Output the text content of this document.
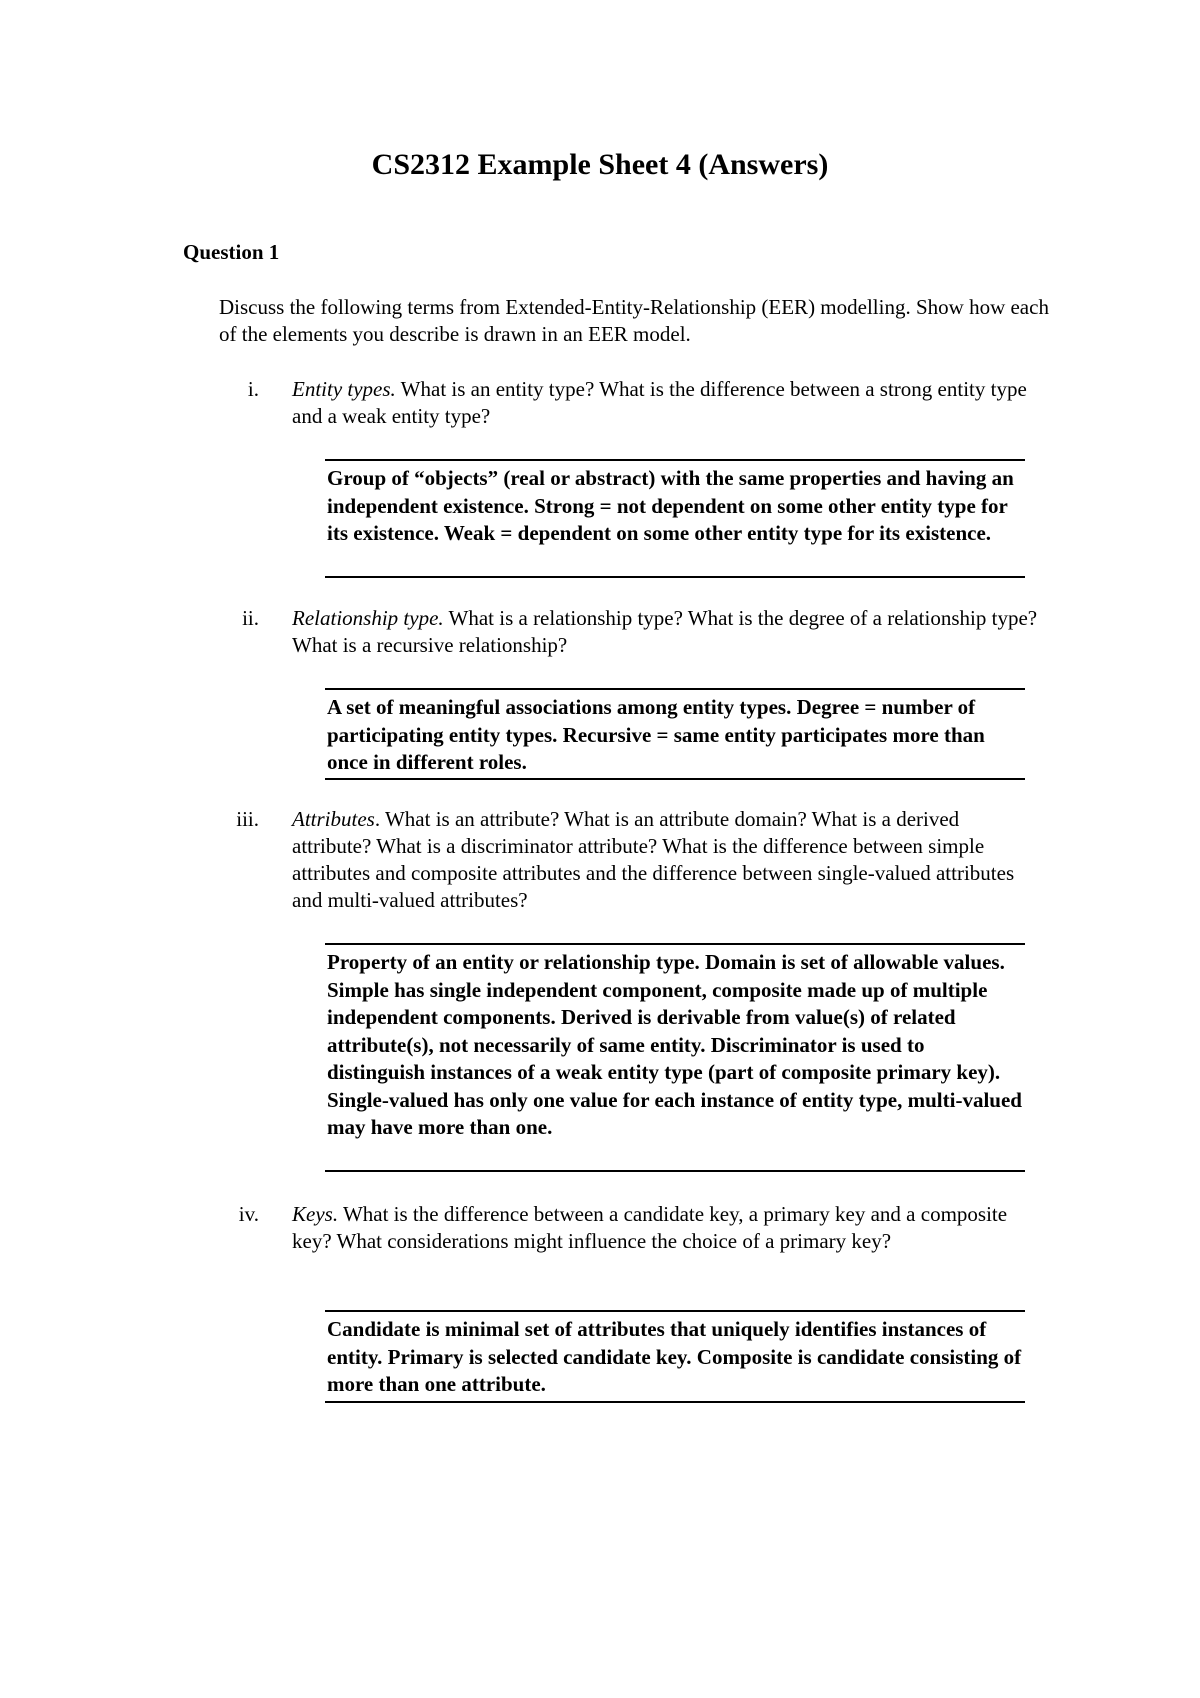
CS2312 Example Sheet 4 (Answers)
Question 1

Discuss the following terms from Extended-Entity-Relationship (EER) modelling. Show how each of the elements you describe is drawn in an EER model.

i. Entity types. What is an entity type? What is the difference between a strong entity type and a weak entity type?

Group of “objects” (real or abstract) with the same properties and having an independent existence. Strong = not dependent on some other entity type for its existence. Weak = dependent on some other entity type for its existence.

ii. Relationship type. What is a relationship type? What is the degree of a relationship type? What is a recursive relationship?

A set of meaningful associations among entity types. Degree = number of participating entity types. Recursive = same entity participates more than once in different roles.

iii. Attributes. What is an attribute? What is an attribute domain? What is a derived attribute? What is a discriminator attribute? What is the difference between simple attributes and composite attributes and the difference between single-valued attributes and multi-valued attributes?

Property of an entity or relationship type. Domain is set of allowable values. Simple has single independent component, composite made up of multiple independent components. Derived is derivable from value(s) of related attribute(s), not necessarily of same entity. Discriminator is used to distinguish instances of a weak entity type (part of composite primary key). Single-valued has only one value for each instance of entity type, multi-valued may have more than one.

iv. Keys. What is the difference between a candidate key, a primary key and a composite key? What considerations might influence the choice of a primary key?

Candidate is minimal set of attributes that uniquely identifies instances of entity. Primary is selected candidate key. Composite is candidate consisting of more than one attribute.
